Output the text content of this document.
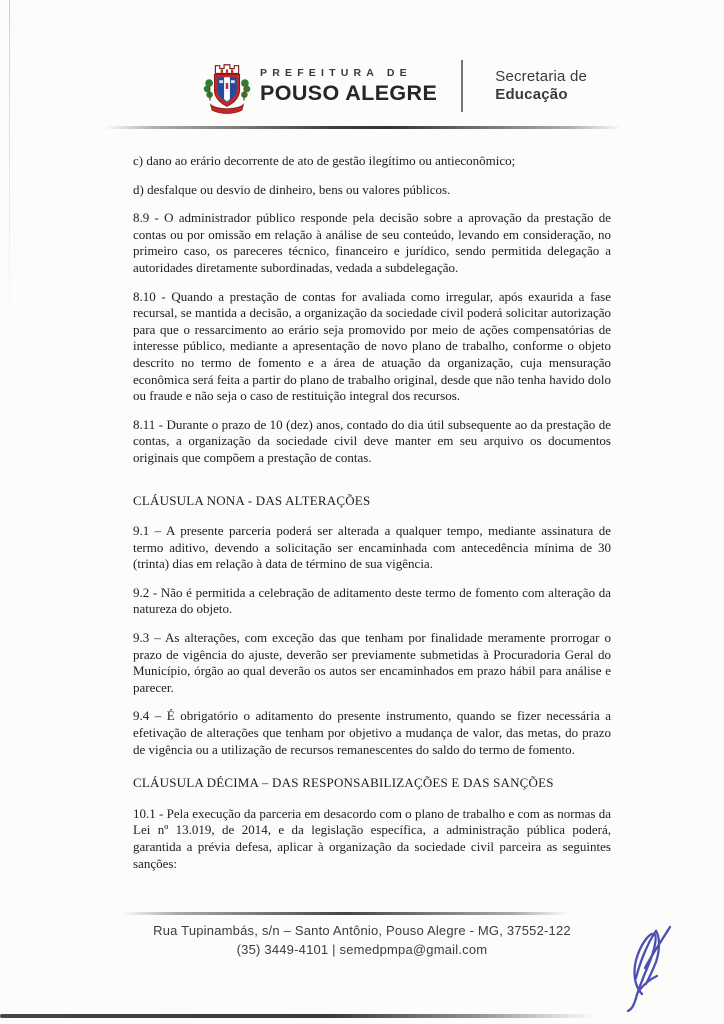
PREFEITURA DE
POUSO ALEGRE
Secretaria de
Educação

c) dano ao erário decorrente de ato de gestão ilegítimo ou antieconômico;

d) desfalque ou desvio de dinheiro, bens ou valores públicos.

8.9 - O administrador público responde pela decisão sobre a aprovação da prestação de contas ou por omissão em relação à análise de seu conteúdo, levando em consideração, no primeiro caso, os pareceres técnico, financeiro e jurídico, sendo permitida delegação a autoridades diretamente subordinadas, vedada a subdelegação.

8.10 - Quando a prestação de contas for avaliada como irregular, após exaurida a fase recursal, se mantida a decisão, a organização da sociedade civil poderá solicitar autorização para que o ressarcimento ao erário seja promovido por meio de ações compensatórias de interesse público, mediante a apresentação de novo plano de trabalho, conforme o objeto descrito no termo de fomento e a área de atuação da organização, cuja mensuração econômica será feita a partir do plano de trabalho original, desde que não tenha havido dolo ou fraude e não seja o caso de restituição integral dos recursos.

8.11 - Durante o prazo de 10 (dez) anos, contado do dia útil subsequente ao da prestação de contas, a organização da sociedade civil deve manter em seu arquivo os documentos originais que compõem a prestação de contas.

CLÁUSULA NONA - DAS ALTERAÇÕES

9.1 – A presente parceria poderá ser alterada a qualquer tempo, mediante assinatura de termo aditivo, devendo a solicitação ser encaminhada com antecedência mínima de 30 (trinta) dias em relação à data de término de sua vigência.

9.2 - Não é permitida a celebração de aditamento deste termo de fomento com alteração da natureza do objeto.

9.3 – As alterações, com exceção das que tenham por finalidade meramente prorrogar o prazo de vigência do ajuste, deverão ser previamente submetidas à Procuradoria Geral do Município, órgão ao qual deverão os autos ser encaminhados em prazo hábil para análise e parecer.

9.4 – É obrigatório o aditamento do presente instrumento, quando se fizer necessária a efetivação de alterações que tenham por objetivo a mudança de valor, das metas, do prazo de vigência ou a utilização de recursos remanescentes do saldo do termo de fomento.

CLÁUSULA DÉCIMA – DAS RESPONSABILIZAÇÕES E DAS SANÇÕES

10.1 - Pela execução da parceria em desacordo com o plano de trabalho e com as normas da Lei nº 13.019, de 2014, e da legislação específica, a administração pública poderá, garantida a prévia defesa, aplicar à organização da sociedade civil parceira as seguintes sanções:

Rua Tupinambás, s/n – Santo Antônio, Pouso Alegre - MG, 37552-122
(35) 3449-4101 | semedpmpa@gmail.com
